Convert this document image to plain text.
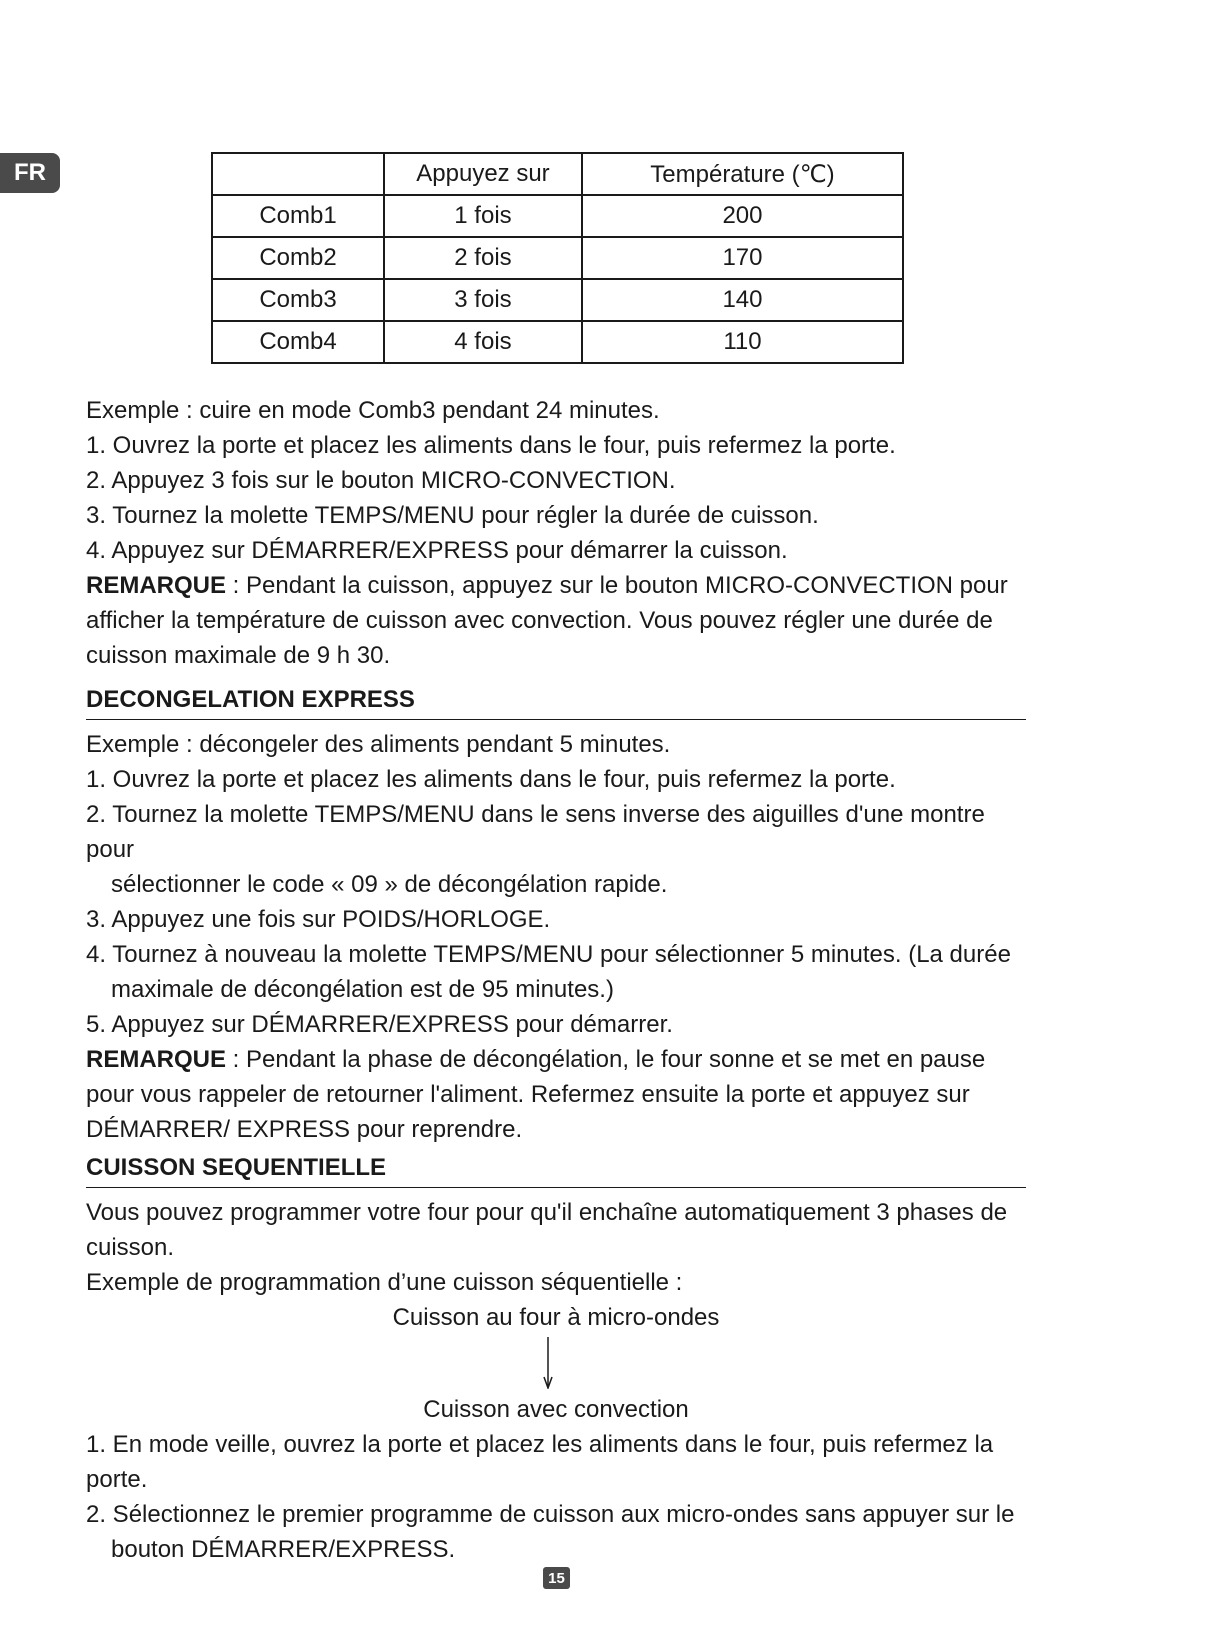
FR
		Appuyez sur	Température (℃)
Comb1	1 fois	200
Comb2	2 fois	170
Comb3	3 fois	140
Comb4	4 fois	110

Exemple : cuire en mode Comb3 pendant 24 minutes.

1. Ouvrez la porte et placez les aliments dans le four, puis refermez la porte.

2. Appuyez 3 fois sur le bouton MICRO-CONVECTION.

3. Tournez la molette TEMPS/MENU pour régler la durée de cuisson.

4. Appuyez sur DÉMARRER/EXPRESS pour démarrer la cuisson.

REMARQUE : Pendant la cuisson, appuyez sur le bouton MICRO-CONVECTION pour afficher la température de cuisson avec convection. Vous pouvez régler une durée de cuisson maximale de 9 h 30.

DECONGELATION EXPRESS

Exemple : décongeler des aliments pendant 5 minutes.

1. Ouvrez la porte et placez les aliments dans le four, puis refermez la porte.

2. Tournez la molette TEMPS/MENU dans le sens inverse des aiguilles d'une montre pour

sélectionner le code « 09 » de décongélation rapide.

3. Appuyez une fois sur POIDS/HORLOGE.

4. Tournez à nouveau la molette TEMPS/MENU pour sélectionner 5 minutes. (La durée

maximale de décongélation est de 95 minutes.)

5. Appuyez sur DÉMARRER/EXPRESS pour démarrer.

REMARQUE : Pendant la phase de décongélation, le four sonne et se met en pause pour vous rappeler de retourner l'aliment. Refermez ensuite la porte et appuyez sur DÉMARRER/ EXPRESS pour reprendre.

CUISSON SEQUENTIELLE

Vous pouvez programmer votre four pour qu'il enchaîne automatiquement 3 phases de cuisson.

Exemple de programmation d’une cuisson séquentielle :

Cuisson au four à micro-ondes

Cuisson avec convection

1. En mode veille, ouvrez la porte et placez les aliments dans le four, puis refermez la porte.

2. Sélectionnez le premier programme de cuisson aux micro-ondes sans appuyer sur le

bouton DÉMARRER/EXPRESS.

15
